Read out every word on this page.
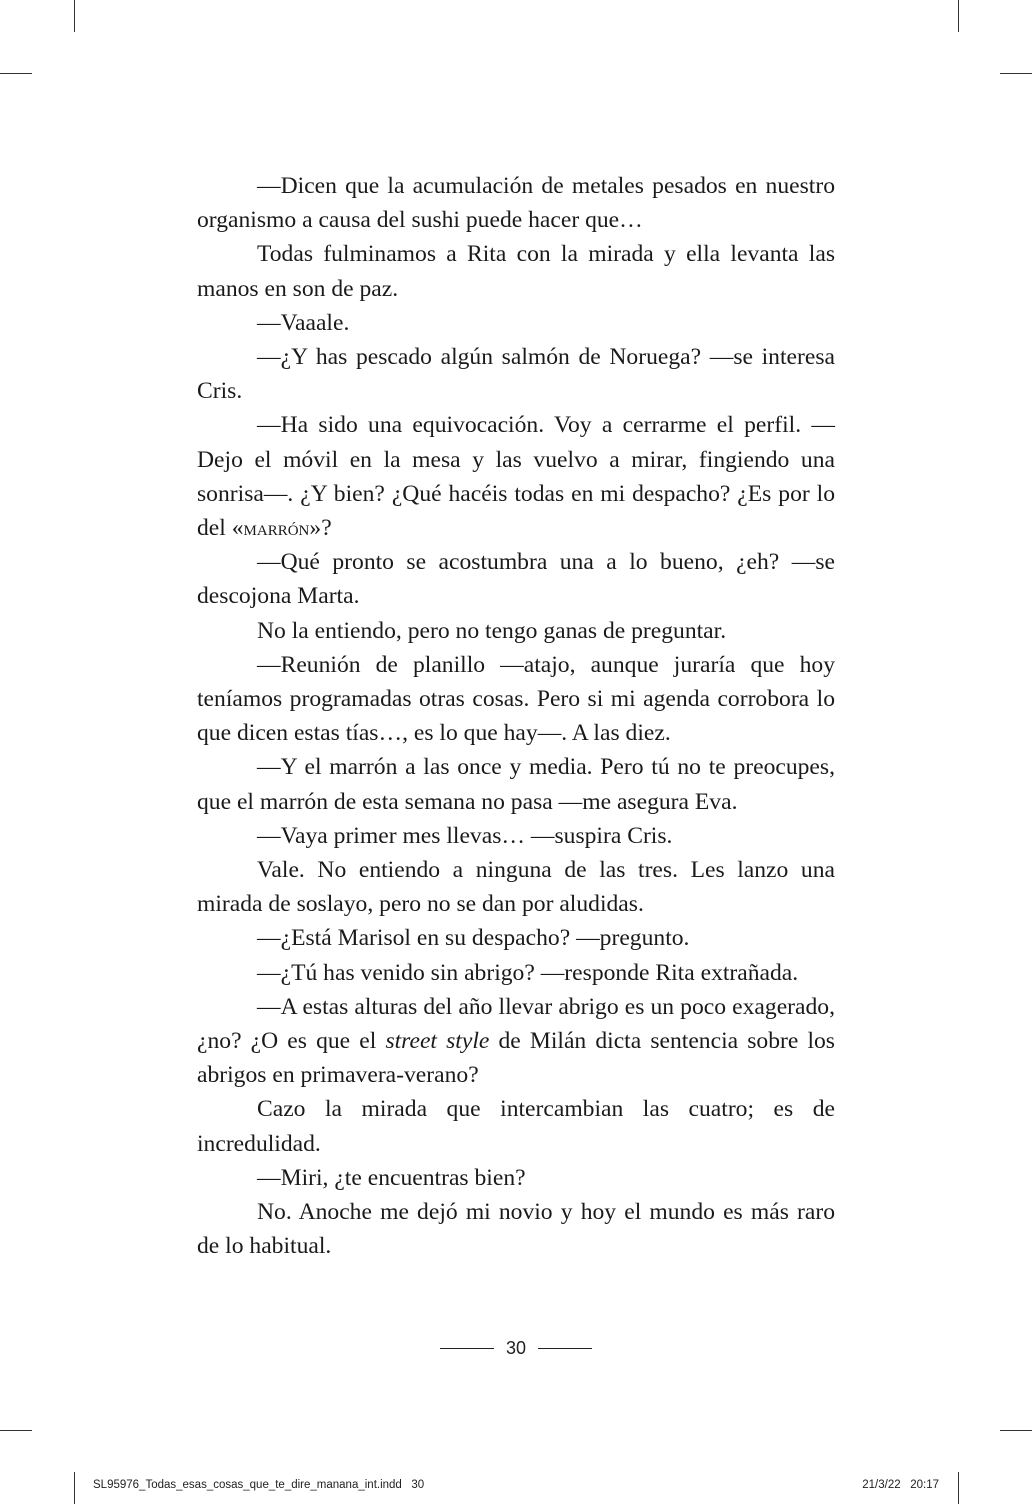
—Dicen que la acumulación de metales pesados en nuestro organismo a causa del sushi puede hacer que…

Todas fulminamos a Rita con la mirada y ella levanta las manos en son de paz.

—Vaaale.

—¿Y has pescado algún salmón de Noruega? —se interesa Cris.

—Ha sido una equivocación. Voy a cerrarme el perfil. —Dejo el móvil en la mesa y las vuelvo a mirar, fingiendo una sonrisa—. ¿Y bien? ¿Qué hacéis todas en mi despacho? ¿Es por lo del «marrón»?

—Qué pronto se acostumbra una a lo bueno, ¿eh? —se descojona Marta.

No la entiendo, pero no tengo ganas de preguntar.

—Reunión de planillo —atajo, aunque juraría que hoy teníamos programadas otras cosas. Pero si mi agenda corrobora lo que dicen estas tías…, es lo que hay—. A las diez.

—Y el marrón a las once y media. Pero tú no te preocupes, que el marrón de esta semana no pasa —me asegura Eva.

—Vaya primer mes llevas… —suspira Cris.

Vale. No entiendo a ninguna de las tres. Les lanzo una mirada de soslayo, pero no se dan por aludidas.

—¿Está Marisol en su despacho? —pregunto.

—¿Tú has venido sin abrigo? —responde Rita extrañada.

—A estas alturas del año llevar abrigo es un poco exagerado, ¿no? ¿O es que el street style de Milán dicta sentencia sobre los abrigos en primavera-verano?

Cazo la mirada que intercambian las cuatro; es de incredulidad.

—Miri, ¿te encuentras bien?

No. Anoche me dejó mi novio y hoy el mundo es más raro de lo habitual.

30
SL95976_Todas_esas_cosas_que_te_dire_manana_int.indd   30	21/3/22   20:17
